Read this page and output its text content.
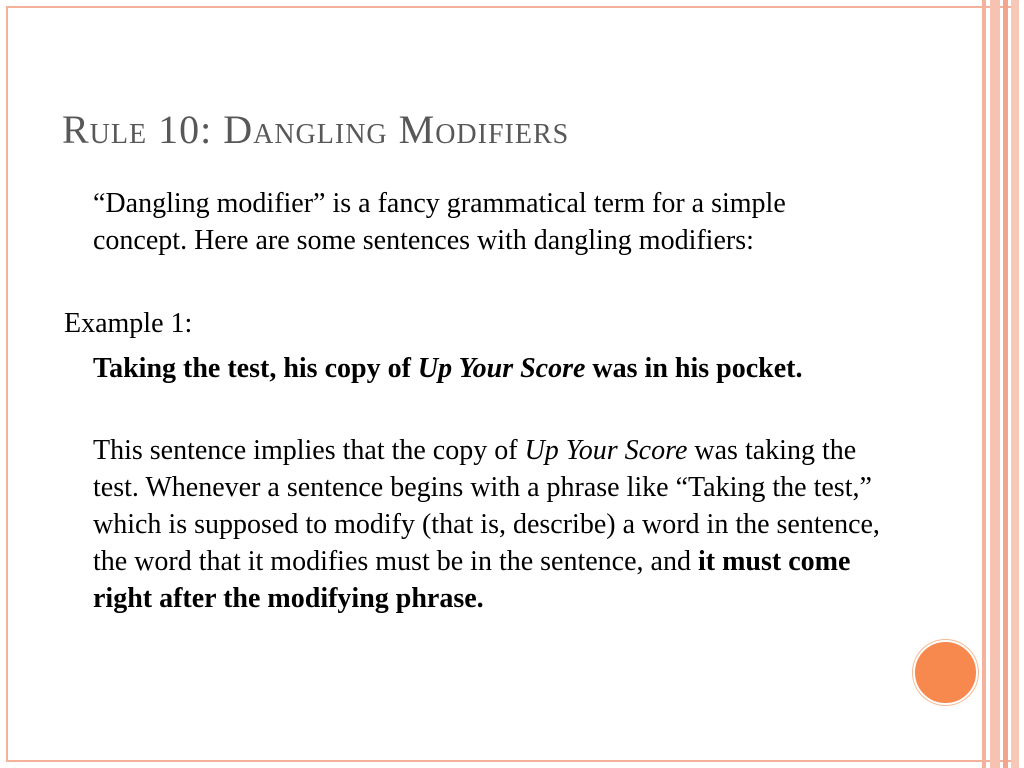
Rule 10: Dangling Modifiers

“Dangling modifier” is a fancy grammatical term for a simple concept. Here are some sentences with dangling modifiers:

Example 1:

Taking the test, his copy of Up Your Score was in his pocket.

This sentence implies that the copy of Up Your Score was taking the test. Whenever a sentence begins with a phrase like “Taking the test,” which is supposed to modify (that is, describe) a word in the sentence, the word that it modifies must be in the sentence, and it must come right after the modifying phrase.
